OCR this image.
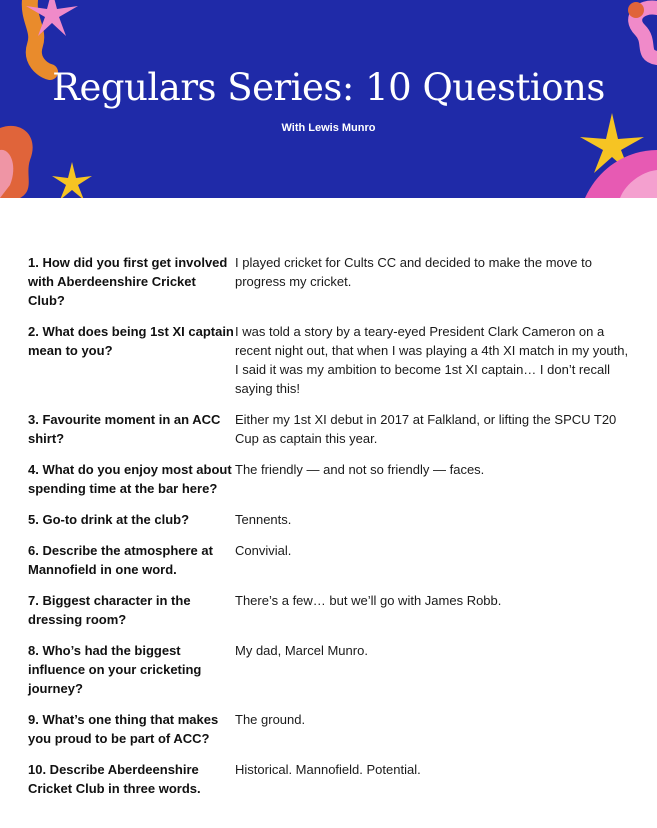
Regulars Series: 10 Questions
With Lewis Munro
1. How did you first get involved with Aberdeenshire Cricket Club?
I played cricket for Cults CC and decided to make the move to progress my cricket.
2. What does being 1st XI captain mean to you?
I was told a story by a teary-eyed President Clark Cameron on a recent night out, that when I was playing a 4th XI match in my youth, I said it was my ambition to become 1st XI captain… I don’t recall saying this!
3. Favourite moment in an ACC shirt?
Either my 1st XI debut in 2017 at Falkland, or lifting the SPCU T20 Cup as captain this year.
4. What do you enjoy most about spending time at the bar here?
The friendly — and not so friendly — faces.
5. Go-to drink at the club?	Tennents.
6. Describe the atmosphere at Mannofield in one word.
Convivial.
7. Biggest character in the dressing room?
There’s a few… but we’ll go with James Robb.
8. Who’s had the biggest influence on your cricketing journey?
My dad, Marcel Munro.
9. What’s one thing that makes you proud to be part of ACC?
The ground.
10. Describe Aberdeenshire Cricket Club in three words.
Historical. Mannofield. Potential.
